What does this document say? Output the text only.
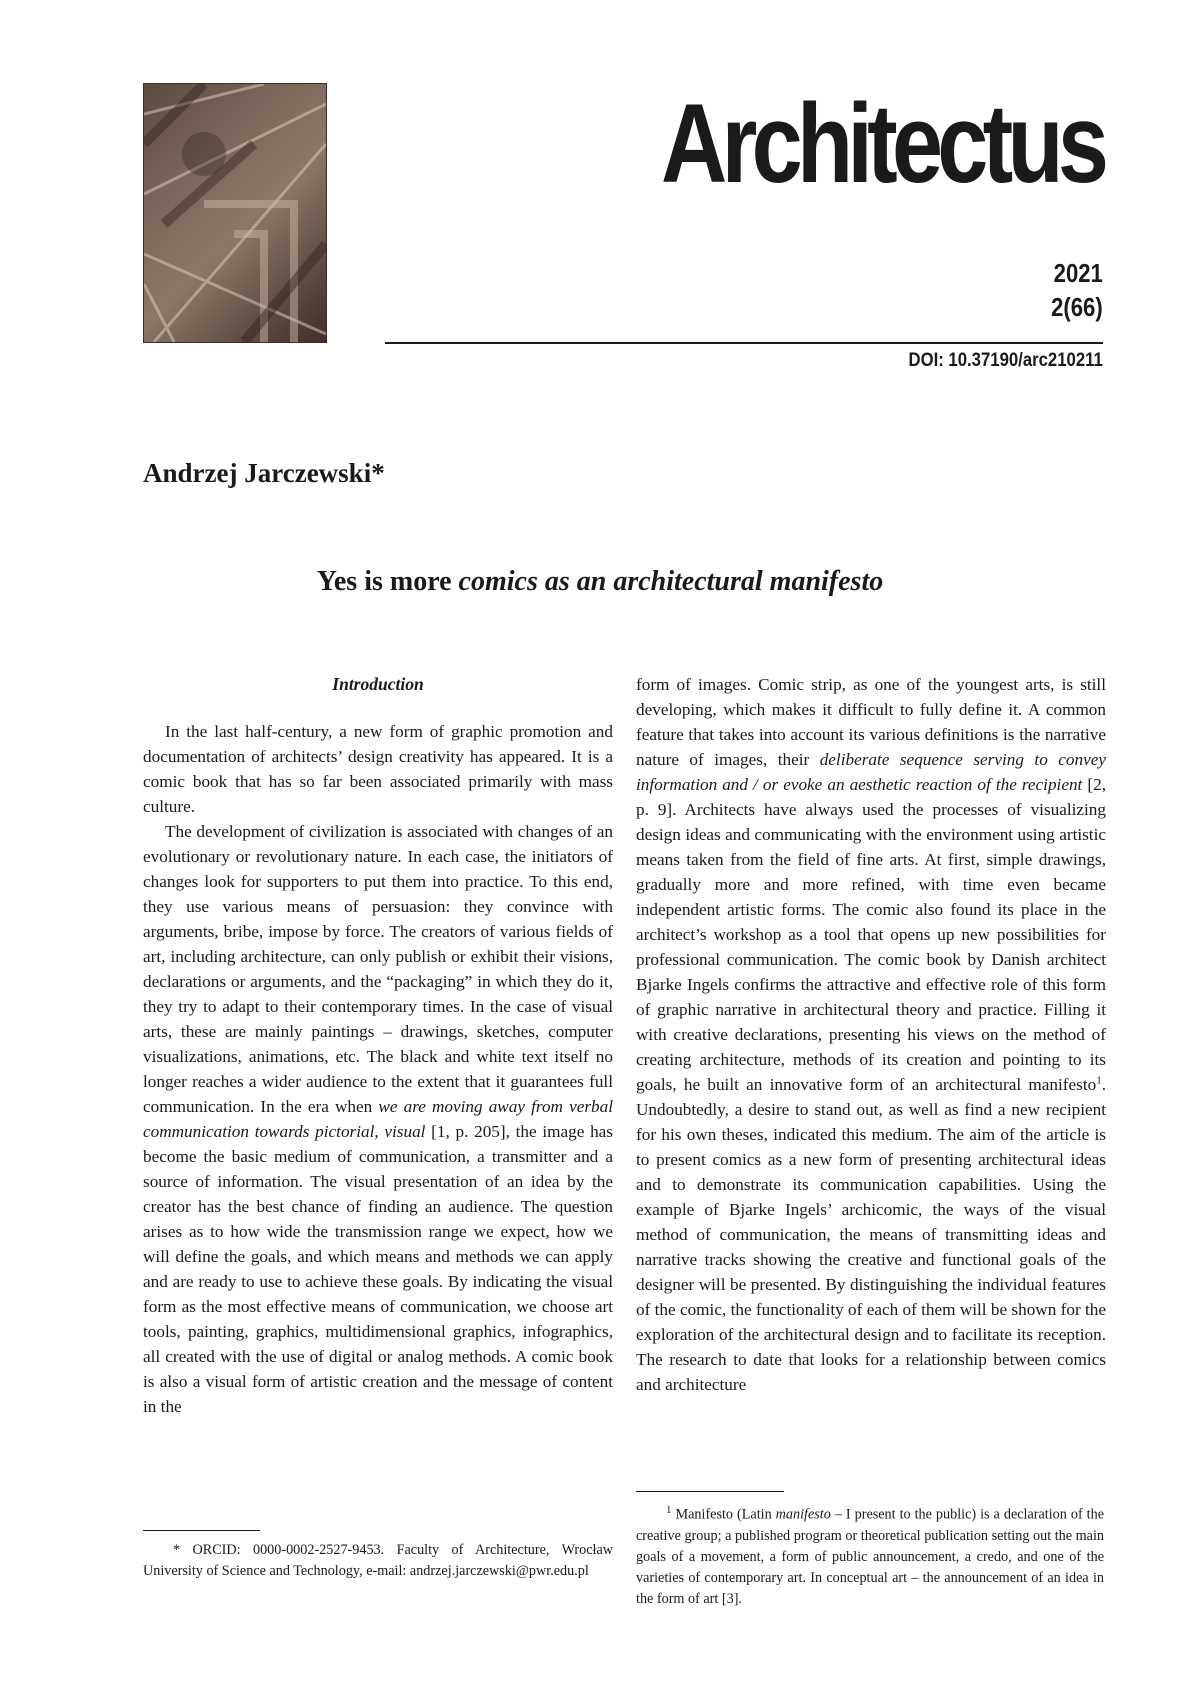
Architectus
2021
2(66)
DOI: 10.37190/arc210211
Andrzej Jarczewski*
Yes is more comics as an architectural manifesto
Introduction

In the last half-century, a new form of graphic promotion and documentation of architects’ design creativity has appeared. It is a comic book that has so far been associated primarily with mass culture.

The development of civilization is associated with changes of an evolutionary or revolutionary nature. In each case, the initiators of changes look for supporters to put them into practice. To this end, they use various means of persuasion: they convince with arguments, bribe, impose by force. The creators of various fields of art, including architecture, can only publish or exhibit their visions, declarations or arguments, and the “packaging” in which they do it, they try to adapt to their contemporary times. In the case of visual arts, these are mainly paintings – drawings, sketches, computer visualizations, animations, etc. The black and white text itself no longer reaches a wider audience to the extent that it guarantees full communication. In the era when we are moving away from verbal communication towards pictorial, visual [1, p. 205], the image has become the basic medium of communication, a transmitter and a source of information. The visual presentation of an idea by the creator has the best chance of finding an audience. The question arises as to how wide the transmission range we expect, how we will define the goals, and which means and methods we can apply and are ready to use to achieve these goals. By indicating the visual form as the most effective means of communication, we choose art tools, painting, graphics, multidimensional graphics, infographics, all created with the use of digital or analog methods. A comic book is also a visual form of artistic creation and the message of content in the

form of images. Comic strip, as one of the youngest arts, is still developing, which makes it difficult to fully define it. A common feature that takes into account its various definitions is the narrative nature of images, their deliberate sequence serving to convey information and / or evoke an aesthetic reaction of the recipient [2, p. 9]. Architects have always used the processes of visualizing design ideas and communicating with the environment using artistic means taken from the field of fine arts. At first, simple drawings, gradually more and more refined, with time even became independent artistic forms. The comic also found its place in the architect’s workshop as a tool that opens up new possibilities for professional communication. The comic book by Danish architect Bjarke Ingels confirms the attractive and effective role of this form of graphic narrative in architectural theory and practice. Filling it with creative declarations, presenting his views on the method of creating architecture, methods of its creation and pointing to its goals, he built an innovative form of an architectural manifesto$^1$. Undoubtedly, a desire to stand out, as well as find a new recipient for his own theses, indicated this medium. The aim of the article is to present comics as a new form of presenting architectural ideas and to demonstrate its communication capabilities. Using the example of Bjarke Ingels’ archicomic, the ways of the visual method of communication, the means of transmitting ideas and narrative tracks showing the creative and functional goals of the designer will be presented. By distinguishing the individual features of the comic, the functionality of each of them will be shown for the exploration of the architectural design and to facilitate its reception. The research to date that looks for a relationship between comics and architecture

* ORCID: 0000-0002-2527-9453. Faculty of Architecture, Wrocław University of Science and Technology, e-mail: andrzej.jarczewski@pwr.edu.pl
$^1$ Manifesto (Latin manifesto – I present to the public) is a declaration of the creative group; a published program or theoretical publication setting out the main goals of a movement, a form of public announcement, a credo, and one of the varieties of contemporary art. In conceptual art – the announcement of an idea in the form of art [3].
